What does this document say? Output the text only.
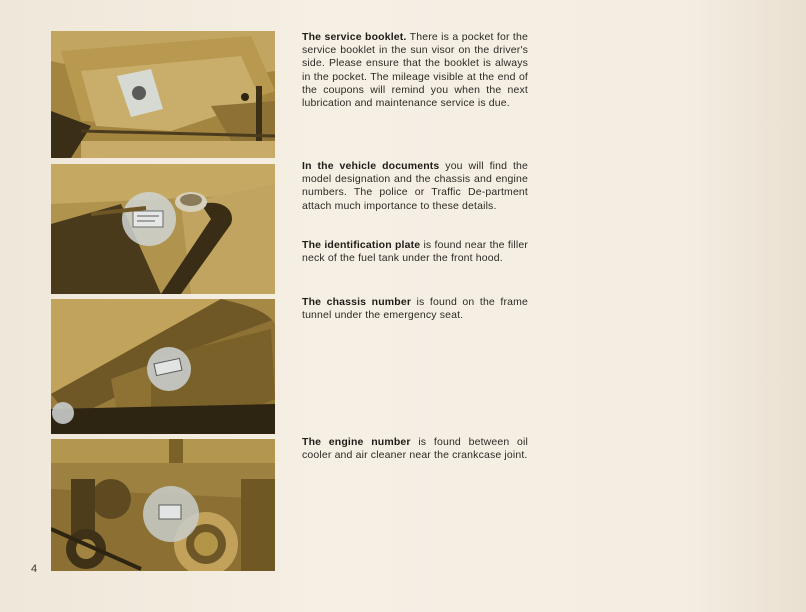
The service booklet. There is a pocket for the service booklet in the sun visor on the driver's side. Please ensure that the booklet is always in the pocket. The mileage visible at the end of the coupons will remind you when the next lubrication and maintenance service is due.

In the vehicle documents you will find the model designation and the chassis and engine numbers. The police or Traffic De-partment attach much importance to these details.

The identification plate is found near the filler neck of the fuel tank under the front hood.

The chassis number is found on the frame tunnel under the emergency seat.

The engine number is found between oil cooler and air cleaner near the crankcase joint.

4
